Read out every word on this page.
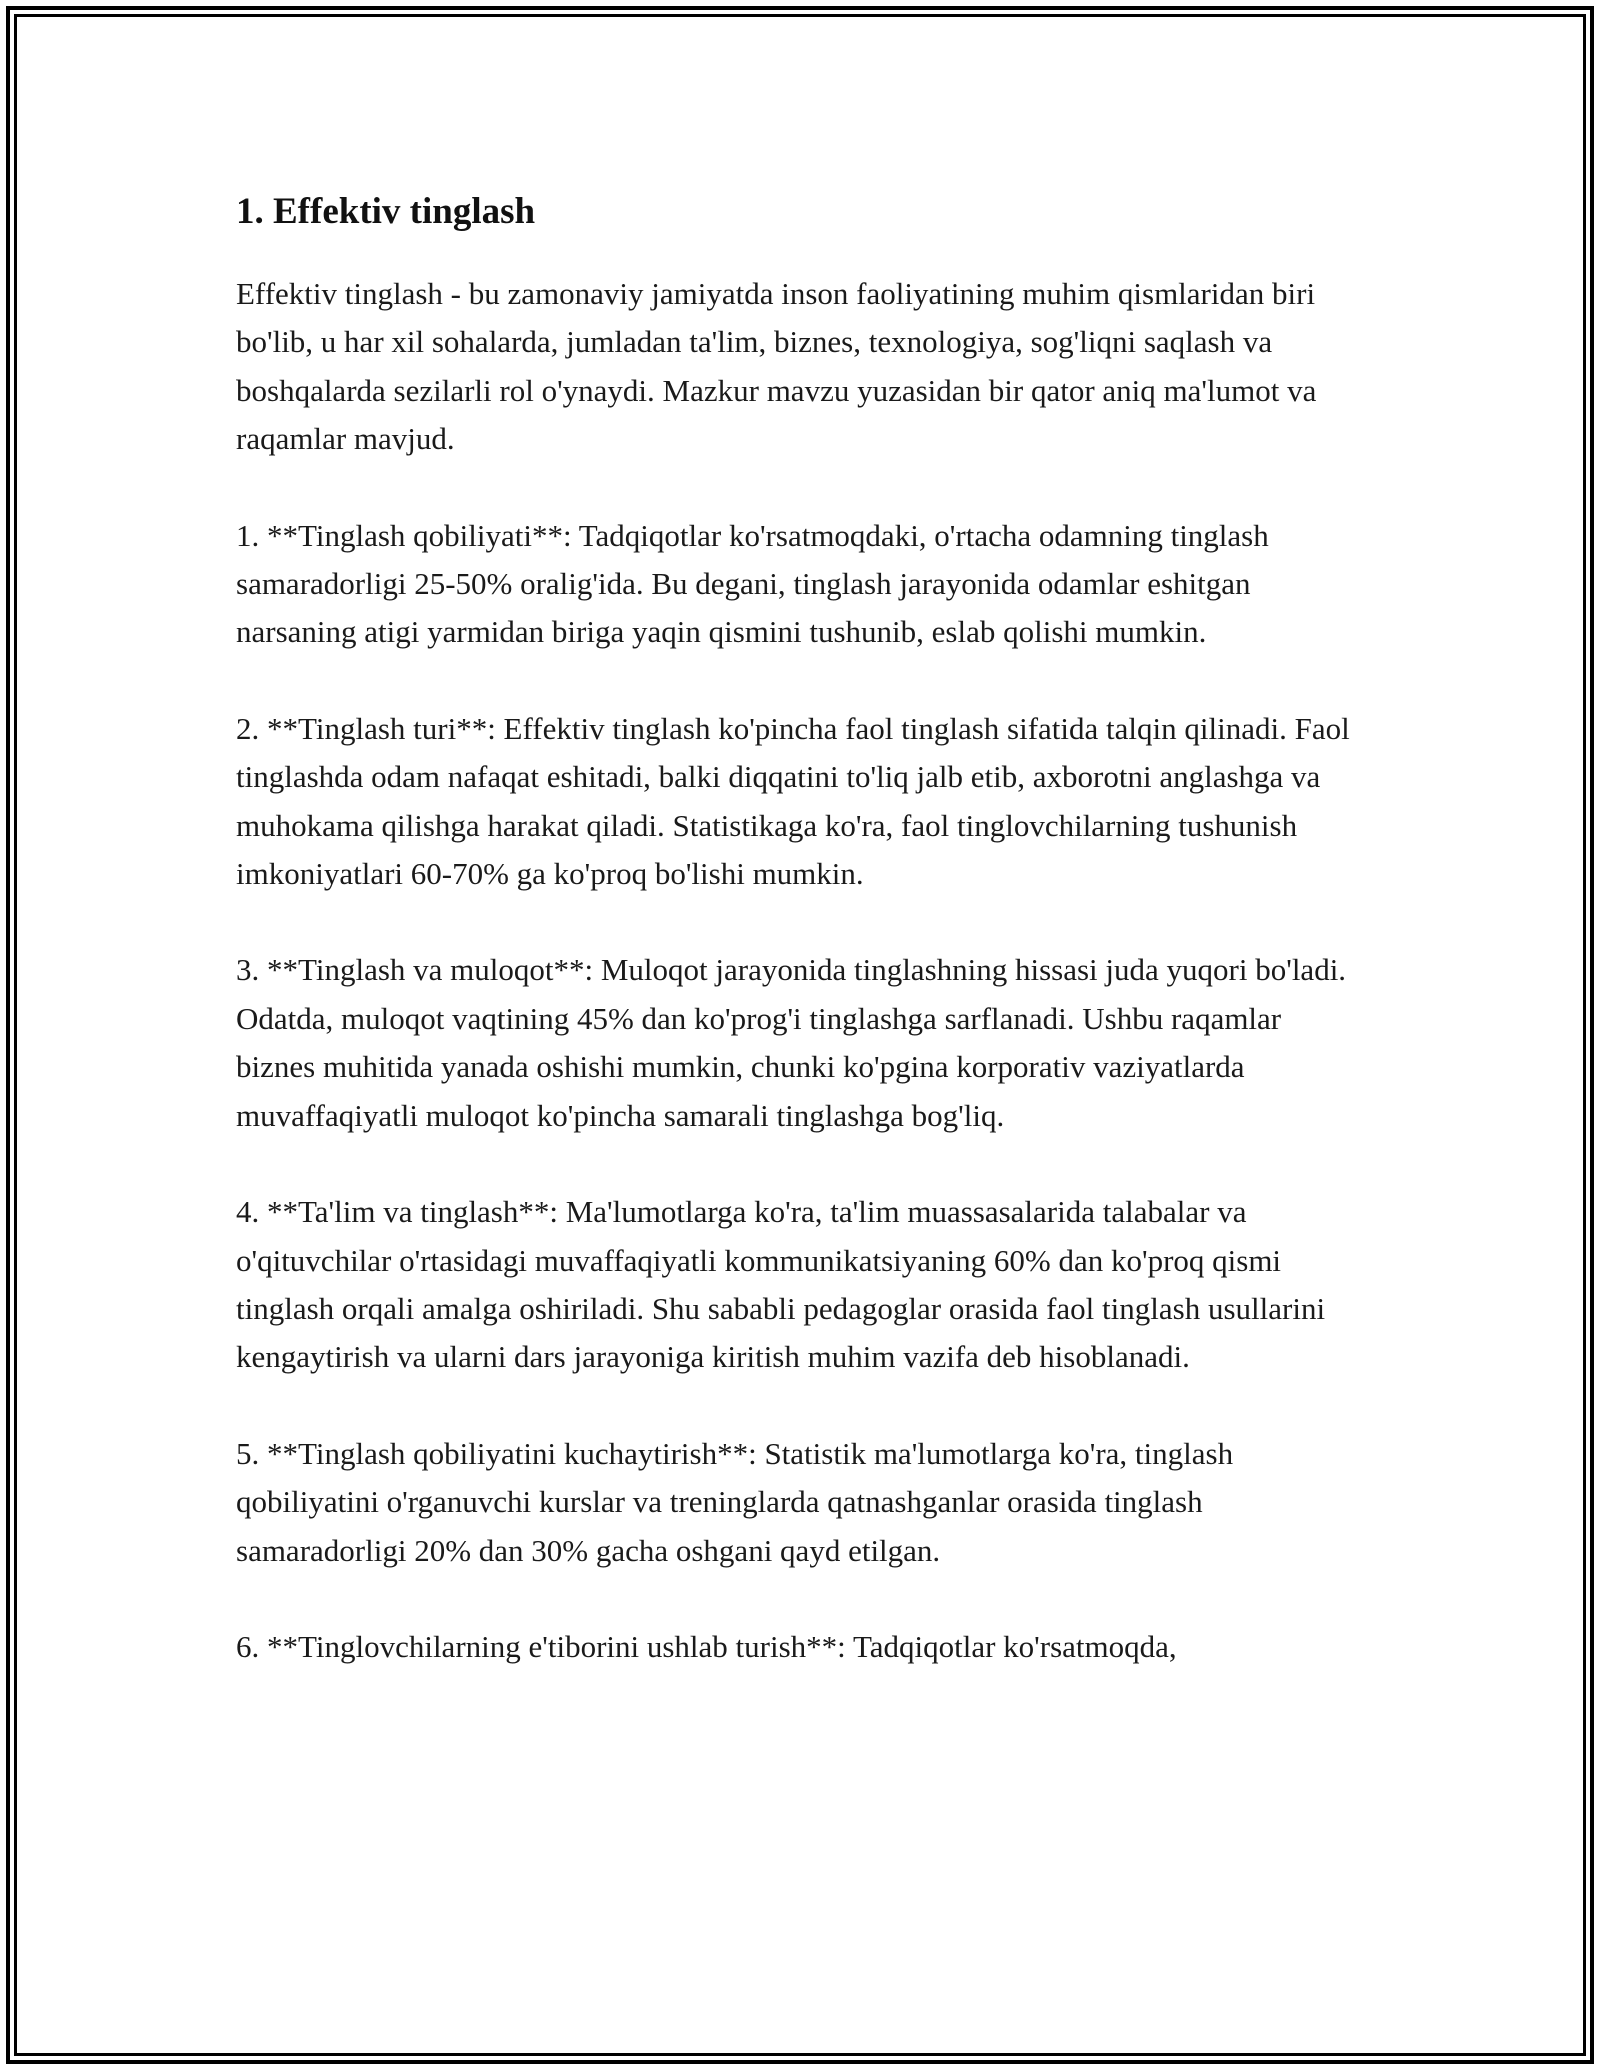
1. Effektiv tinglash

Effektiv tinglash - bu zamonaviy jamiyatda inson faoliyatining muhim qismlaridan biri bo'lib, u har xil sohalarda, jumladan ta'lim, biznes, texnologiya, sog'liqni saqlash va boshqalarda sezilarli rol o'ynaydi. Mazkur mavzu yuzasidan bir qator aniq ma'lumot va raqamlar mavjud.

1. **Tinglash qobiliyati**: Tadqiqotlar ko'rsatmoqdaki, o'rtacha odamning tinglash samaradorligi 25-50% oralig'ida. Bu degani, tinglash jarayonida odamlar eshitgan narsaning atigi yarmidan biriga yaqin qismini tushunib, eslab qolishi mumkin.

2. **Tinglash turi**: Effektiv tinglash ko'pincha faol tinglash sifatida talqin qilinadi. Faol tinglashda odam nafaqat eshitadi, balki diqqatini to'liq jalb etib, axborotni anglashga va muhokama qilishga harakat qiladi. Statistikaga ko'ra, faol tinglovchilarning tushunish imkoniyatlari 60-70% ga ko'proq bo'lishi mumkin.

3. **Tinglash va muloqot**: Muloqot jarayonida tinglashning hissasi juda yuqori bo'ladi. Odatda, muloqot vaqtining 45% dan ko'prog'i tinglashga sarflanadi. Ushbu raqamlar biznes muhitida yanada oshishi mumkin, chunki ko'pgina korporativ vaziyatlarda muvaffaqiyatli muloqot ko'pincha samarali tinglashga bog'liq.

4. **Ta'lim va tinglash**: Ma'lumotlarga ko'ra, ta'lim muassasalarida talabalar va o'qituvchilar o'rtasidagi muvaffaqiyatli kommunikatsiyaning 60% dan ko'proq qismi tinglash orqali amalga oshiriladi. Shu sababli pedagoglar orasida faol tinglash usullarini kengaytirish va ularni dars jarayoniga kiritish muhim vazifa deb hisoblanadi.

5. **Tinglash qobiliyatini kuchaytirish**: Statistik ma'lumotlarga ko'ra, tinglash qobiliyatini o'rganuvchi kurslar va treninglarda qatnashganlar orasida tinglash samaradorligi 20% dan 30% gacha oshgani qayd etilgan.

6. **Tinglovchilarning e'tiborini ushlab turish**: Tadqiqotlar ko'rsatmoqda,
